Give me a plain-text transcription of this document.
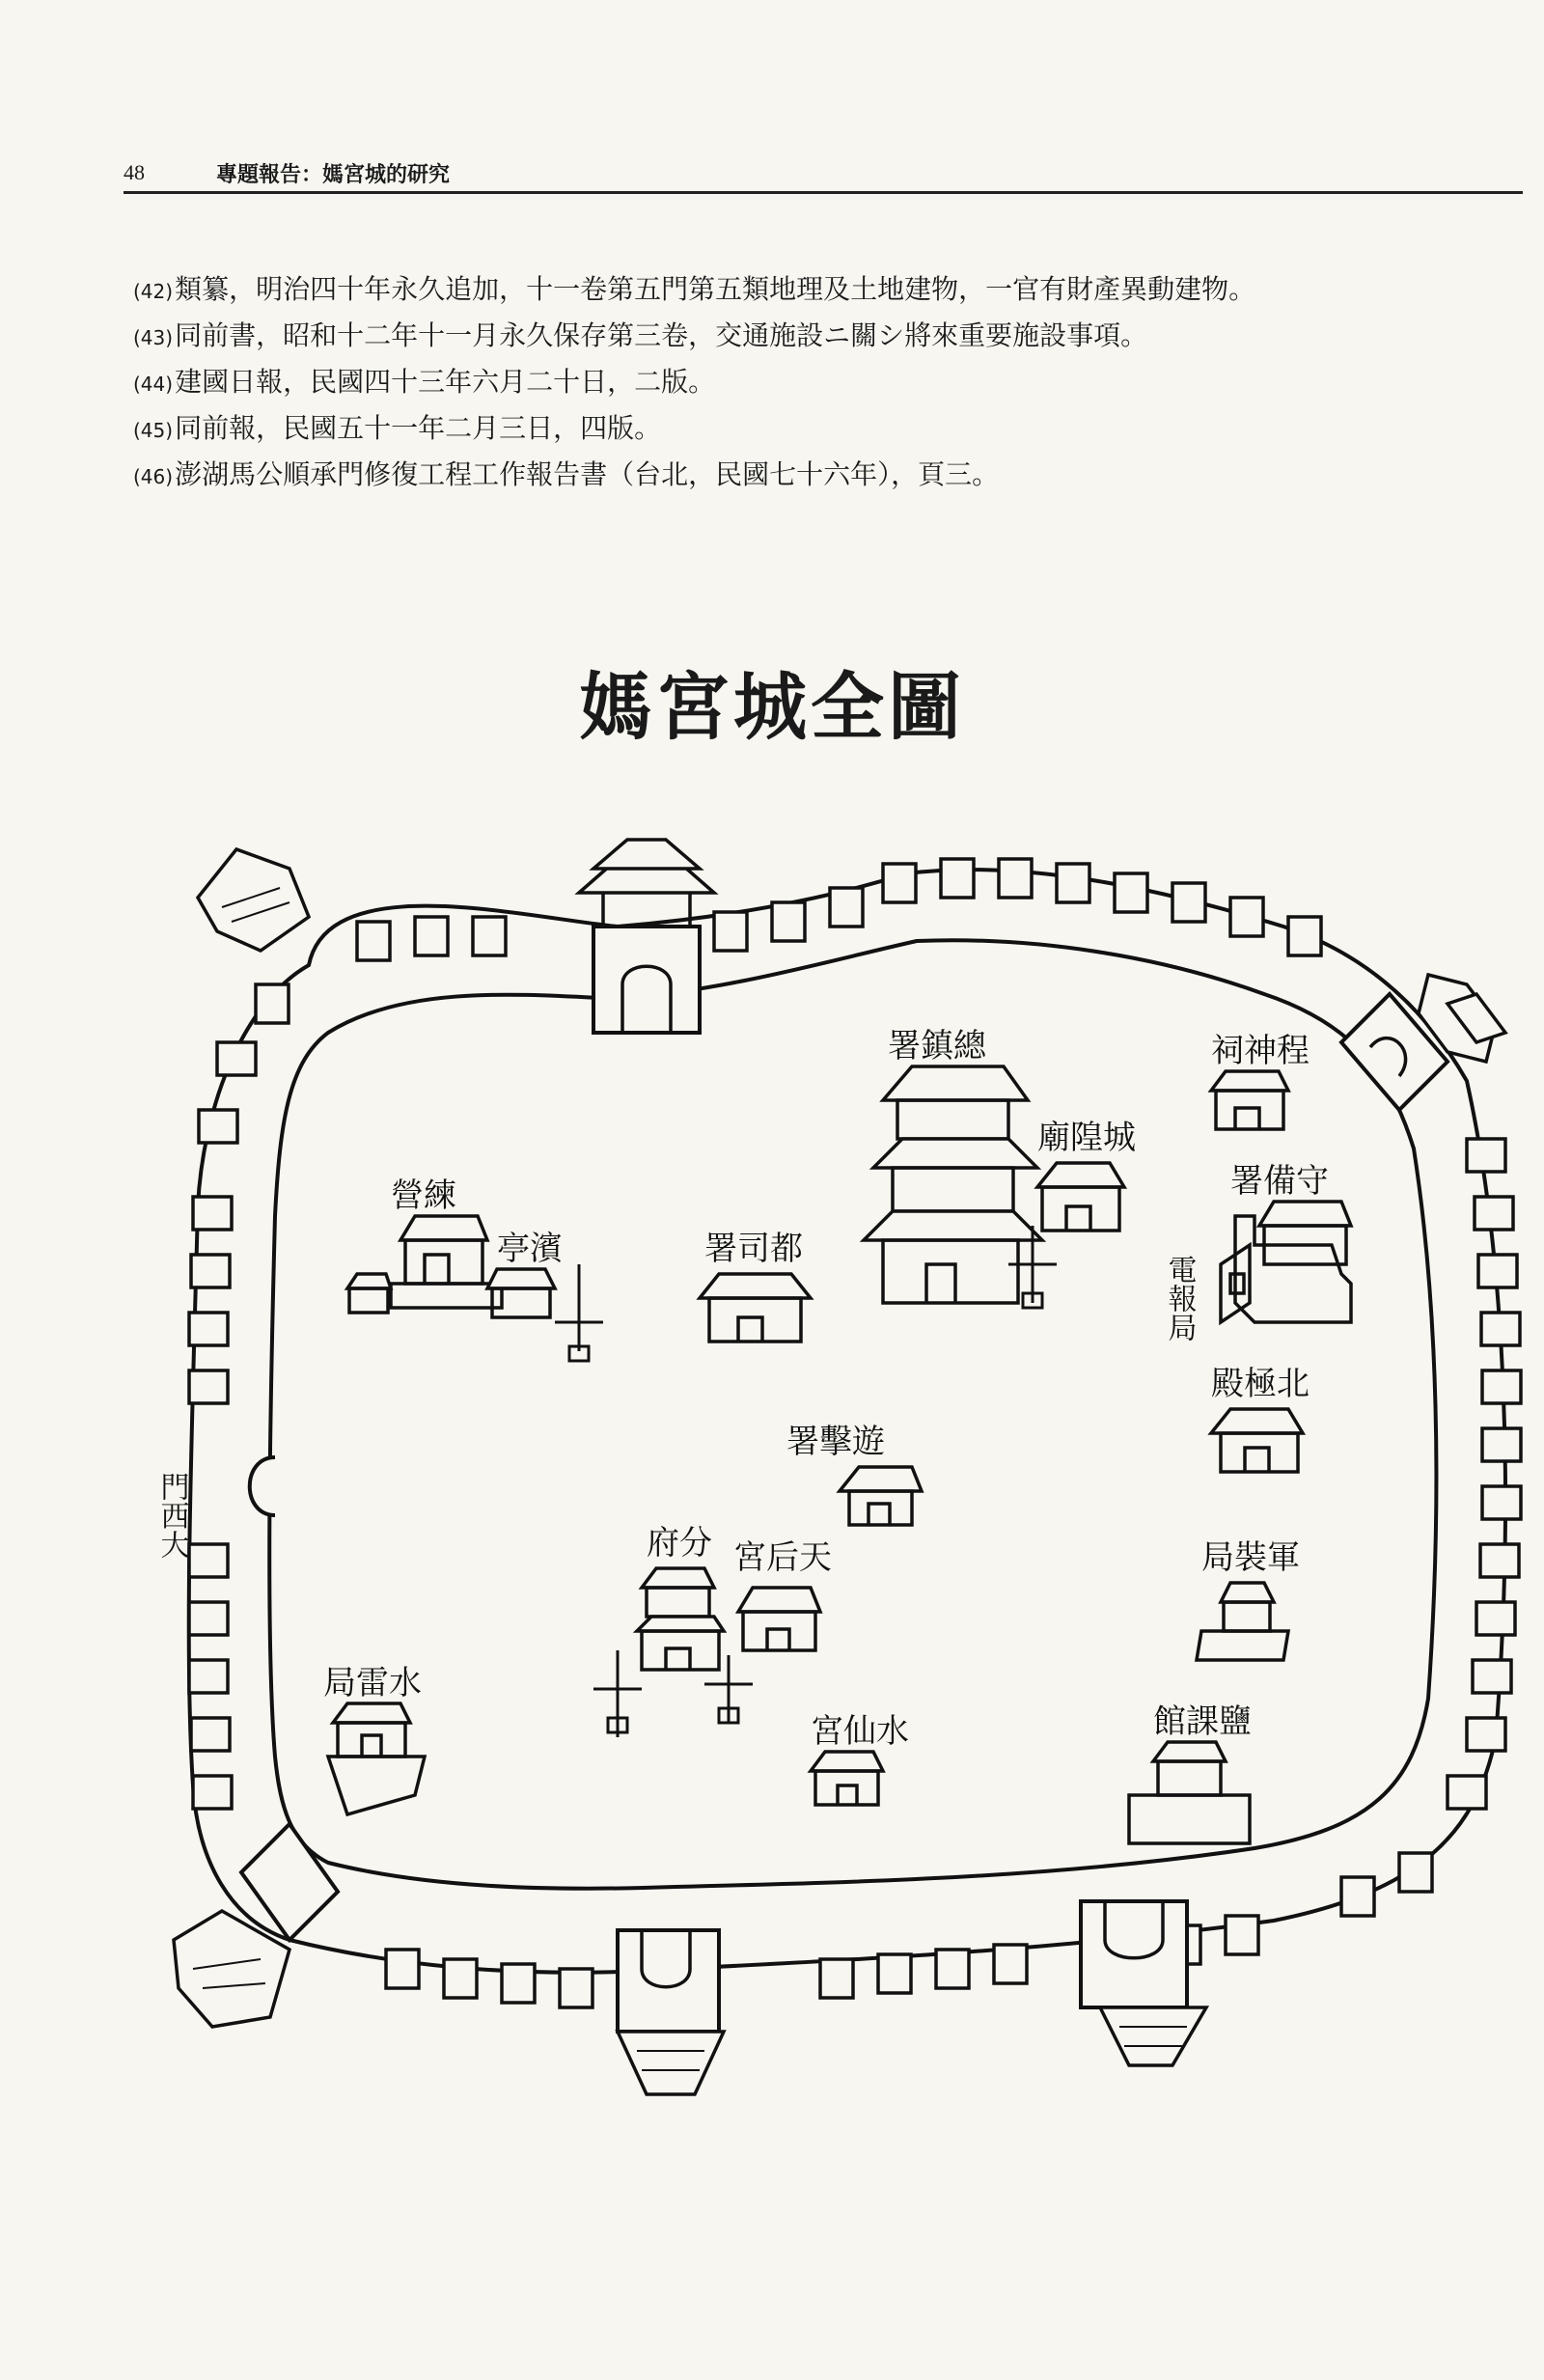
48	專題報告：媽宮城的研究
(42)類纂，明治四十年永久追加，十一卷第五門第五類地理及土地建物，一官有財產異動建物。
(43)同前書，昭和十二年十一月永久保存第三卷，交通施設ニ關シ將來重要施設事項。
(44)建國日報，民國四十三年六月二十日，二版。
(45)同前報，民國五十一年二月三日，四版。
(46)澎湖馬公順承門修復工程工作報告書（台北，民國七十六年），頁三。
媽宮城全圖
署鎮總
廟隍城
祠神程
署備守
電報局
營練
亭濱	署司都
殿極北
署擊遊
門西大	府分 宮后天	局裝軍
局雷水
宮仙水	館課鹽
